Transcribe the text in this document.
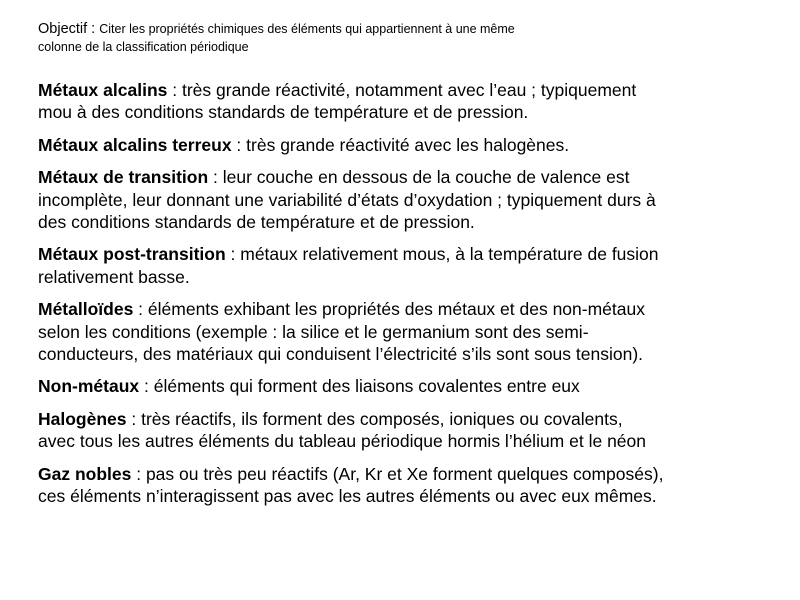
Objectif : Citer les propriétés chimiques des éléments qui appartiennent à une même
colonne de la classification périodique

Métaux alcalins : très grande réactivité, notamment avec l’eau ; typiquement
mou à des conditions standards de température et de pression.

Métaux alcalins terreux : très grande réactivité avec les halogènes.

Métaux de transition : leur couche en dessous de la couche de valence est
incomplète, leur donnant une variabilité d’états d’oxydation ; typiquement durs à
des conditions standards de température et de pression.

Métaux post-transition : métaux relativement mous, à la température de fusion
relativement basse.

Métalloïdes : éléments exhibant les propriétés des métaux et des non-métaux
selon les conditions (exemple : la silice et le germanium sont des semi-
conducteurs, des matériaux qui conduisent l’électricité s’ils sont sous tension).

Non-métaux : éléments qui forment des liaisons covalentes entre eux

Halogènes : très réactifs, ils forment des composés, ioniques ou covalents,
avec tous les autres éléments du tableau périodique hormis l’hélium et le néon

Gaz nobles : pas ou très peu réactifs (Ar, Kr et Xe forment quelques composés),
ces éléments n’interagissent pas avec les autres éléments ou avec eux mêmes.
